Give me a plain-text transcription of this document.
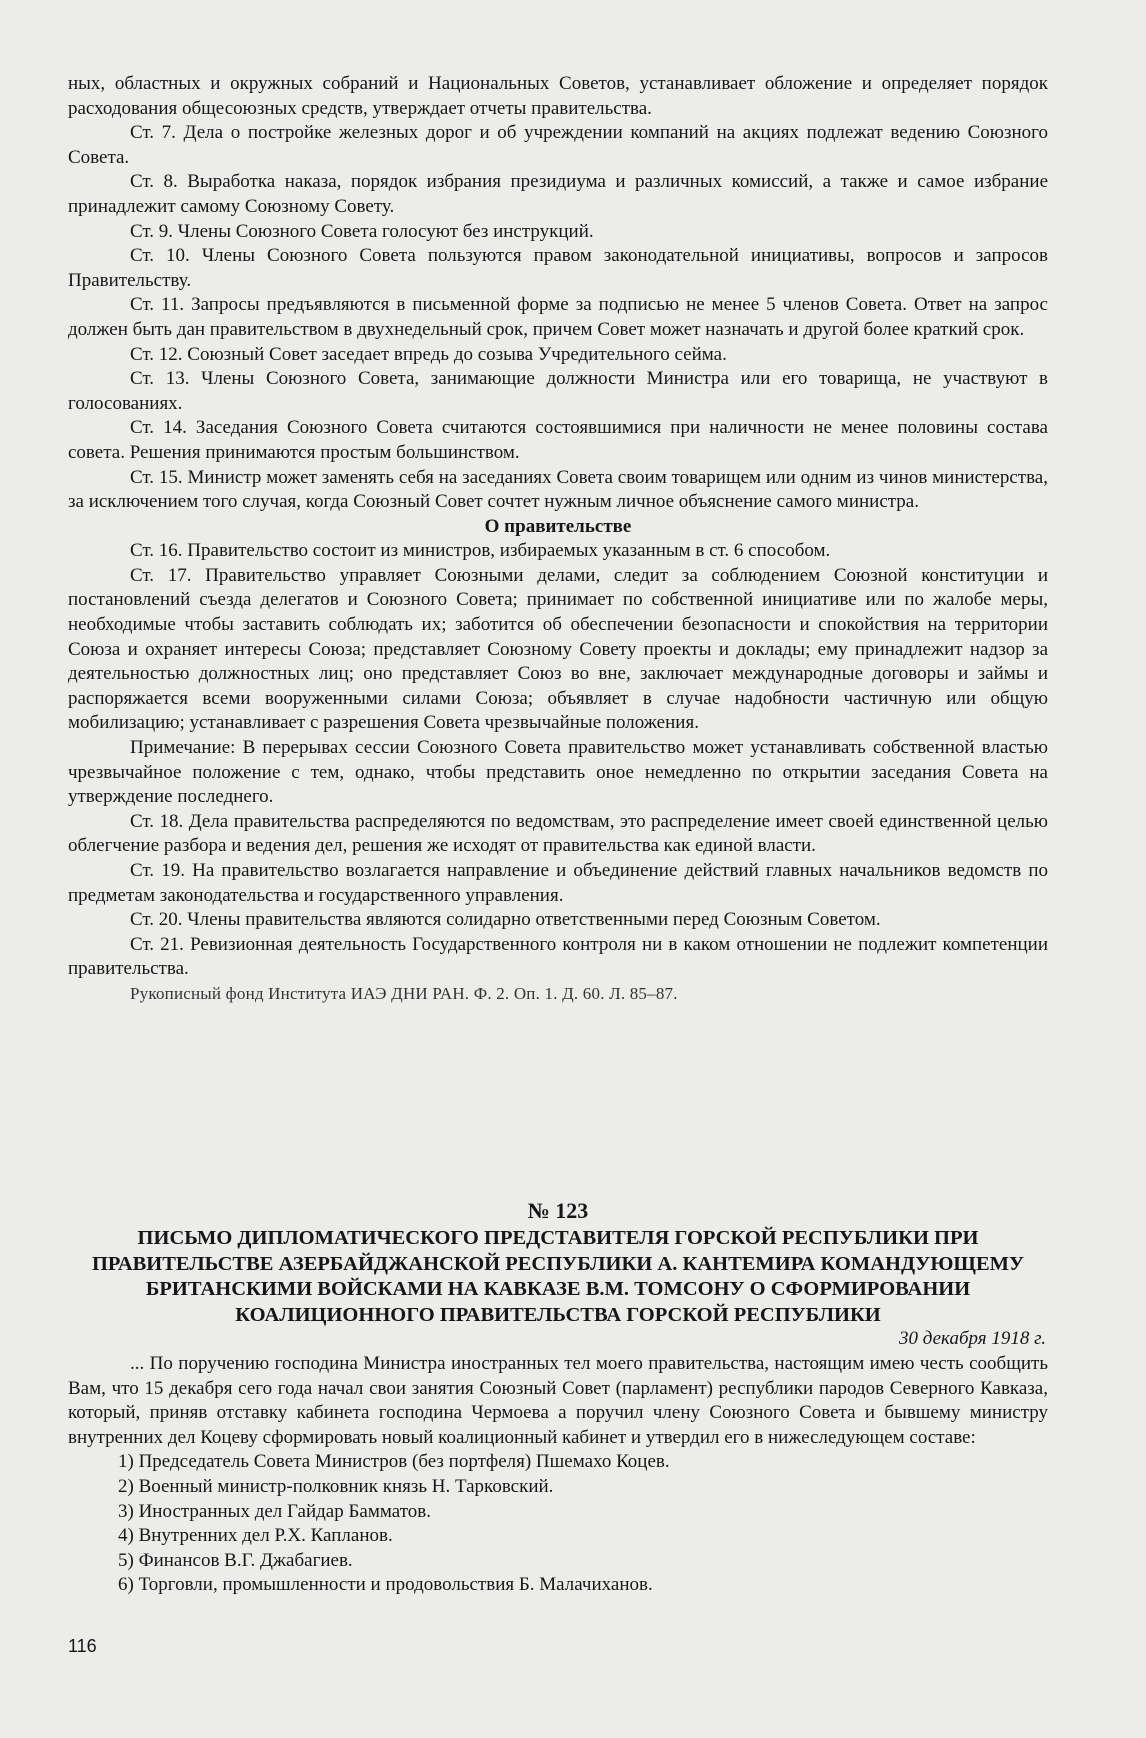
ных, областных и окружных собраний и Национальных Советов, устанавливает обложение и определяет порядок расходования общесоюзных средств, утверждает отчеты правительства.

Ст. 7. Дела о постройке железных дорог и об учреждении компаний на акциях подлежат ведению Союзного Совета.

Ст. 8. Выработка наказа, порядок избрания президиума и различных комиссий, а также и самое избрание принадлежит самому Союзному Совету.

Ст. 9. Члены Союзного Совета голосуют без инструкций.

Ст. 10. Члены Союзного Совета пользуются правом законодательной инициативы, вопросов и запросов Правительству.

Ст. 11. Запросы предъявляются в письменной форме за подписью не менее 5 членов Совета. Ответ на запрос должен быть дан правительством в двухнедельный срок, причем Совет может назначать и другой более краткий срок.

Ст. 12. Союзный Совет заседает впредь до созыва Учредительного сейма.

Ст. 13. Члены Союзного Совета, занимающие должности Министра или его товарища, не участвуют в голосованиях.

Ст. 14. Заседания Союзного Совета считаются состоявшимися при наличности не менее половины состава совета. Решения принимаются простым большинством.

Ст. 15. Министр может заменять себя на заседаниях Совета своим товарищем или одним из чинов министерства, за исключением того случая, когда Союзный Совет сочтет нужным личное объяснение самого министра.

О правительстве

Ст. 16. Правительство состоит из министров, избираемых указанным в ст. 6 способом.

Ст. 17. Правительство управляет Союзными делами, следит за соблюдением Союзной конституции и постановлений съезда делегатов и Союзного Совета; принимает по собственной инициативе или по жалобе меры, необходимые чтобы заставить соблюдать их; заботится об обеспечении безопасности и спокойствия на территории Союза и охраняет интересы Союза; представляет Союзному Совету проекты и доклады; ему принадлежит надзор за деятельностью должностных лиц; оно представляет Союз во вне, заключает международные договоры и займы и распоряжается всеми вооруженными силами Союза; объявляет в случае надобности частичную или общую мобилизацию; устанавливает с разрешения Совета чрезвычайные положения.

Примечание: В перерывах сессии Союзного Совета правительство может устанавливать собственной властью чрезвычайное положение с тем, однако, чтобы представить оное немедленно по открытии заседания Совета на утверждение последнего.

Ст. 18. Дела правительства распределяются по ведомствам, это распределение имеет своей единственной целью облегчение разбора и ведения дел, решения же исходят от правительства как единой власти.

Ст. 19. На правительство возлагается направление и объединение действий главных начальников ведомств по предметам законодательства и государственного управления.

Ст. 20. Члены правительства являются солидарно ответственными перед Союзным Советом.

Ст. 21. Ревизионная деятельность Государственного контроля ни в каком отношении не подлежит компетенции правительства.

Рукописный фонд Института ИАЭ ДНИ РАН. Ф. 2. Оп. 1. Д. 60. Л. 85–87.

№ 123
ПИСЬМО ДИПЛОМАТИЧЕСКОГО ПРЕДСТАВИТЕЛЯ ГОРСКОЙ РЕСПУБЛИКИ ПРИ ПРАВИТЕЛЬСТВЕ АЗЕРБАЙДЖАНСКОЙ РЕСПУБЛИКИ А. КАНТЕМИРА КОМАНДУЮЩЕМУ БРИТАНСКИМИ ВОЙСКАМИ НА КАВКАЗЕ В.М. ТОМСОНУ О СФОРМИРОВАНИИ КОАЛИЦИОННОГО ПРАВИТЕЛЬСТВА ГОРСКОЙ РЕСПУБЛИКИ
30 декабря 1918 г.

... По поручению господина Министра иностранных тел моего правительства, настоящим имею честь сообщить Вам, что 15 декабря сего года начал свои занятия Союзный Совет (парламент) республики пародов Северного Кавказа, который, приняв отставку кабинета господина Чермоева а поручил члену Союзного Совета и бывшему министру внутренних дел Коцеву сформировать новый коалиционный кабинет и утвердил его в нижеследующем составе:

1) Председатель Совета Министров (без портфеля) Пшемахо Коцев.

2) Военный министр-полковник князь Н. Тарковский.

3) Иностранных дел Гайдар Бамматов.

4) Внутренних дел Р.Х. Капланов.

5) Финансов В.Г. Джабагиев.

6) Торговли, промышленности и продовольствия Б. Малачиханов.

116
